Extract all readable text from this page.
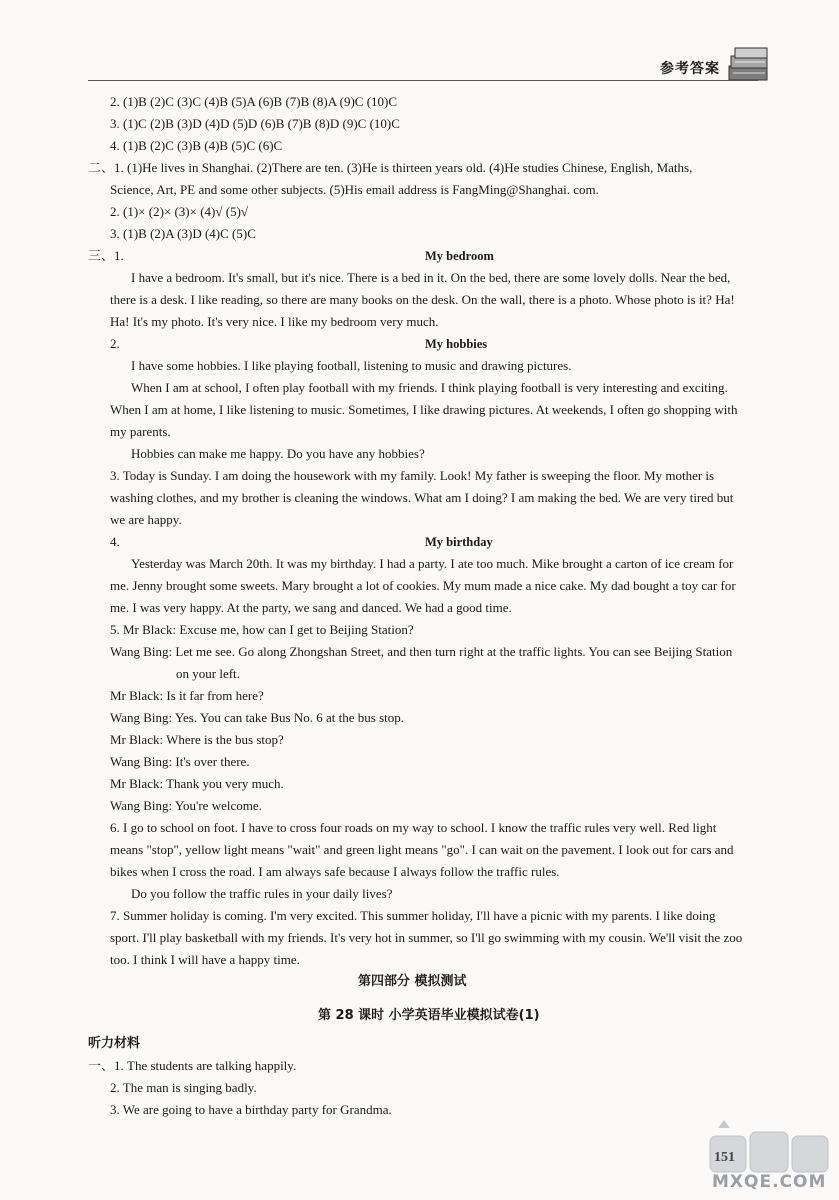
参考答案
2. (1)B (2)C (3)C (4)B (5)A (6)B (7)B (8)A (9)C (10)C
3. (1)C (2)B (3)D (4)D (5)D (6)B (7)B (8)D (9)C (10)C
4. (1)B (2)C (3)B (4)B (5)C (6)C
二、1. (1)He lives in Shanghai. (2)There are ten. (3)He is thirteen years old. (4)He studies Chinese, English, Maths,
Science, Art, PE and some other subjects. (5)His email address is FangMing@Shanghai. com.
2. (1)× (2)× (3)× (4)√ (5)√
3. (1)B (2)A (3)D (4)C (5)C
三、1.	My bedroom
I have a bedroom. It's small, but it's nice. There is a bed in it. On the bed, there are some lovely dolls. Near the bed,
there is a desk. I like reading, so there are many books on the desk. On the wall, there is a photo. Whose photo is it? Ha!
Ha! It's my photo. It's very nice. I like my bedroom very much.
2.	My hobbies
I have some hobbies. I like playing football, listening to music and drawing pictures.
When I am at school, I often play football with my friends. I think playing football is very interesting and exciting.
When I am at home, I like listening to music. Sometimes, I like drawing pictures. At weekends, I often go shopping with
my parents.
Hobbies can make me happy. Do you have any hobbies?
3. Today is Sunday. I am doing the housework with my family. Look! My father is sweeping the floor. My mother is
washing clothes, and my brother is cleaning the windows. What am I doing? I am making the bed. We are very tired but
we are happy.
4.	My birthday
Yesterday was March 20th. It was my birthday. I had a party. I ate too much. Mike brought a carton of ice cream for
me. Jenny brought some sweets. Mary brought a lot of cookies. My mum made a nice cake. My dad bought a toy car for
me. I was very happy. At the party, we sang and danced. We had a good time.
5. Mr Black: Excuse me, how can I get to Beijing Station?
Wang Bing: Let me see. Go along Zhongshan Street, and then turn right at the traffic lights. You can see Beijing Station
on your left.
Mr Black: Is it far from here?
Wang Bing: Yes. You can take Bus No. 6 at the bus stop.
Mr Black: Where is the bus stop?
Wang Bing: It's over there.
Mr Black: Thank you very much.
Wang Bing: You're welcome.
6. I go to school on foot. I have to cross four roads on my way to school. I know the traffic rules very well. Red light
means "stop", yellow light means "wait" and green light means "go". I can wait on the pavement. I look out for cars and
bikes when I cross the road. I am always safe because I always follow the traffic rules.
Do you follow the traffic rules in your daily lives?
7. Summer holiday is coming. I'm very excited. This summer holiday, I'll have a picnic with my parents. I like doing
sport. I'll play basketball with my friends. It's very hot in summer, so I'll go swimming with my cousin. We'll visit the zoo
too. I think I will have a happy time.
第四部分 模拟测试
第 28 课时 小学英语毕业模拟试卷(1)
听力材料
一、1. The students are talking happily.
2. The man is singing badly.
3. We are going to have a birthday party for Grandma.
151
MXQE.COM
